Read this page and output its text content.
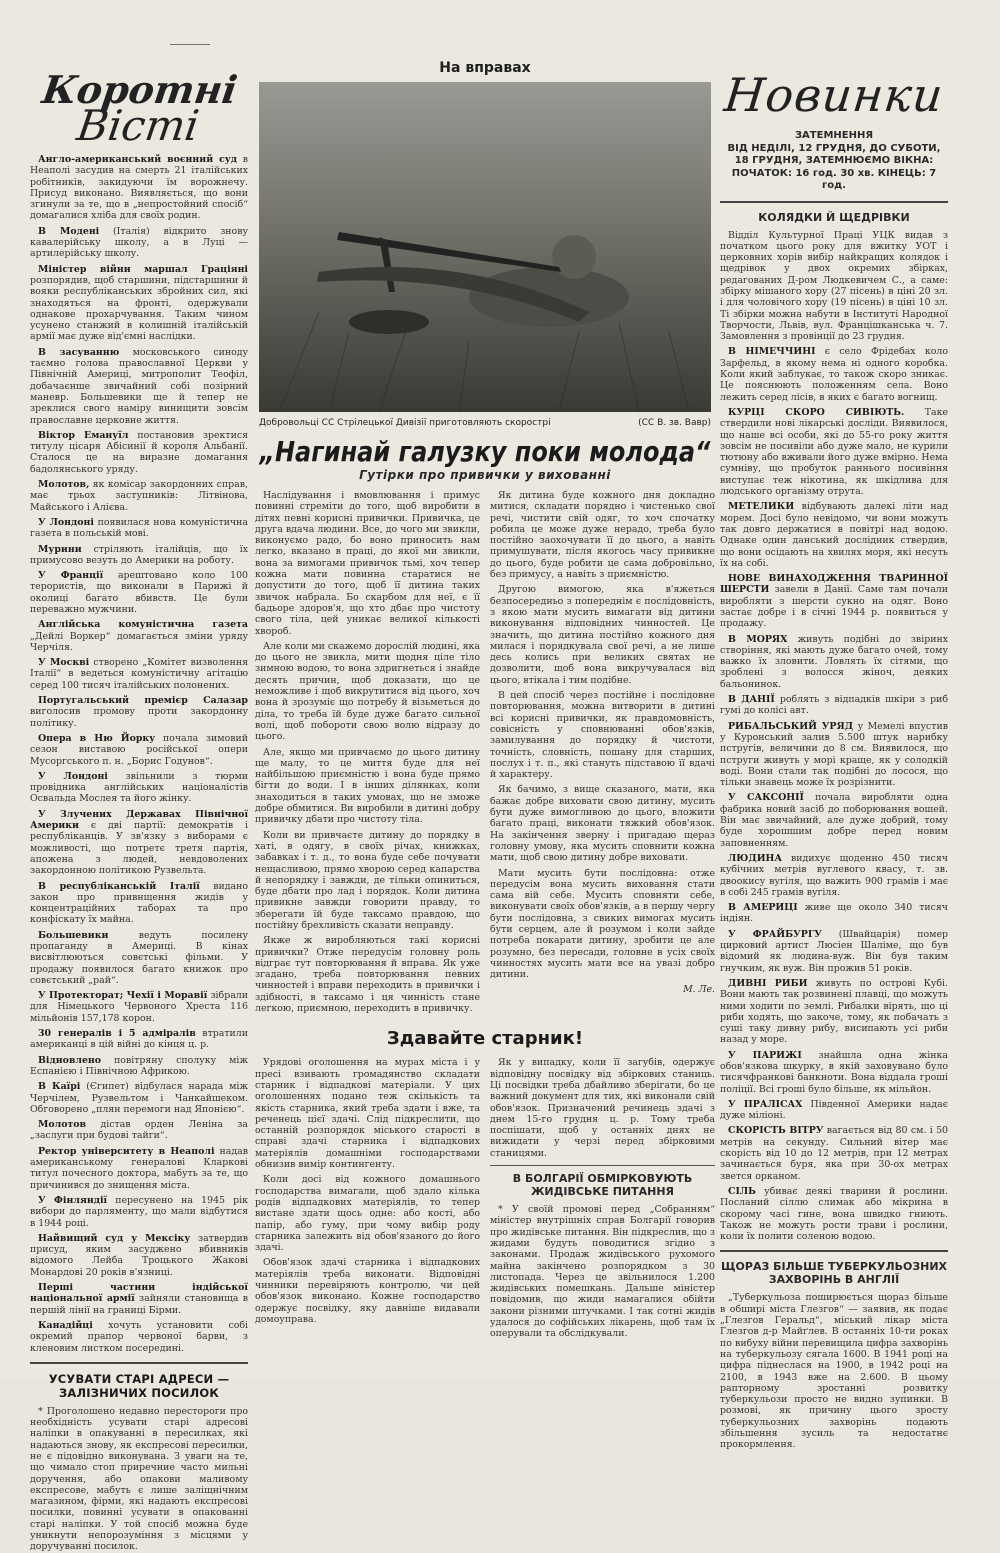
Коротні
Вісті
Англо-американський воєнний суд в Неаполі засудив на смерть 21 італійських робітників, закидуючи їм ворожнечу. Присуд виконано. Виявляється, що вони згинули за те, що в „непростойний спосіб“ домагалися хліба для своїх родин.
В Модені (Італія) відкрито знову кавалерійську школу, а в Луці — артилерійську школу.
Міністер війни маршал Граціяні розпорядив, щоб старшини, підстаршини й вояки республіканських збройних сил, які знаходяться на фронті, одержували однакове прохарчування. Таким чином усунено станжий в колишній італійській армії має дуже від'ємні наслідки.
В засуванню московського синоду таємно голова православної Церкви у Північній Америці, митрополит Теофіл, добачаєнше звичайний собі позірний маневр. Большевики ще й тепер не зреклися свого наміру винищити зовсім православне церковне життя.
Віктор Емануїл постановив зректися титулу цісаря Абісинії й короля Альбанії. Сталося це на виразне домагання бадолянського уряду.
Молотов, як комісар закордонних справ, має трьох заступників: Літвінова, Майського і Алієва.
У Лондоні появилася нова комуністична газета в польській мові.
Мурини стріляють італійців, що їх примусово везуть до Америки на роботу.
У Франції арештовано коло 100 терористів, що виконали в Парижі й околиці багато вбивств. Це були переважно мужчини.
Англійська комуністична газета „Дейлі Воркер“ домагається зміни уряду Черчіля.
У Москві створено „Комітет визволення Італії“ в ведеться комуністичну агітацію серед 100 тисяч італійських полонених.
Португальський премієр Салазар виголосив промову проти закордонну політику.
Опера в Ню Йорку почала зимовий сезон виставою російської опери Мусоргського п. н. „Борис Годунов“.
У Лондоні звільнили з тюрми провідника англійських націоналістів Освальда Мослея та його жінку.
У Злучених Державах Північної Америки є дві партії: демократів і республіканців. У зв'язку з виборами є можливості, що потретє третя партія, апожена з людей, невдоволених закордонною політикою Рузвельта.
В республіканській Італії видано закон про привнщення жидів у концентраційних таборах та про конфіскату їх майна.
Большевики	ведуть посилену пропаганду в Америці. В кінах висвітлюються совєтські фільми. У продажу появилося багато книжок про совєтський „рай“.
У Протекторат; Чехії і Моравії зібрали для Німецького Червоного Хреста 116 мільйонів 157,178 корон.
30 генералів і 5 адміралів втратили американці в цій війні до кінця ц. р.
Відновлено повітряну сполуку між Еспанією і Північною Африкою.
В Каїрі (Єгипет) відбулася нарада між Черчілем, Рузвельтом і Чанкайшеком. Обговорено „плян перемоги над Японією“.
Молотов дістав орден Леніна за „заслуги при будові тайги“.
Ректор університету в Неаполі надав американському генералові Кларкові титул почесного доктора, мабуть за те, що причинився до знищення міста.
У Фінляндії пересунено на 1945 рік вибори до парляменту, що мали відбутися в 1944 році.
Найвищий суд у Мексіку затвердив присуд, яким засуджено вбивників відомого Лейба Троцького Жакові Монардові 20 років в'язниці.
Перші частини індійської національної армії зайняли становища в першій лінії на границі Бірми.
Канадійці хочуть установити собі окремий прапор червоної барви, з кленовим листком посередині.
УСУВАТИ СТАРІ АДРЕСИ — ЗАЛІЗНИЧИХ ПОСИЛОК
* Проголошено недавно перестороги про необхідність усувати старі адресові наліпки в опакуванні в пересилках, які надаються знову, як експресові пересилки, не є підовідно виконувана. З уваги на те, що чимало стоп приречние часто мильні доручення, або опакови маливому експресове, мабуть є лише заліщнічним магазином, фірми, які надають експресові посилки, повинні усувати в опакованні старі наліпки. У той спосіб можна буде уникнути непорозуміння з місцями у доручуванні посилок.
На вправах
Добровольці СС Стрілецької Дивізії приготовляють скорострі	(СС В. зв. Вавр)
„Нагинай галузку поки молода“
Гутірки про привички у вихованні
Наслідування і вмовлювання і примус повинні стреміти до того, щоб виробити в дітях певні корисні привички. Привичка, це друга вдача людини. Все, до чого ми звикли, виконуємо радо, бо воно приносить нам легко, вказано в праці, до якої ми звикли, вона за вимогами привичок тьмі, хоч тепер кожна мати повинна старатися не допустити до того, щоб її дитина таких звичок набрала. Бо скарбом для неї, є її бадьоре здоров'я, що хто дбає про чистоту свого тіла, цей уникає великої кількості хвороб.
Але коли ми скажемо дорослій людині, яка до цього не звикла, мити щодня ціле тіло зимною водою, то вона здригнеться і знайде десять причин, щоб доказати, що це неможливе і щоб викрутитися від цього, хоч вона й зрозуміє що потребу й візьметься до діла, то треба їй буде дуже багато сильної волі, щоб побороти свою волю відразу до цього.
Але, якщо ми привчаємо до цього дитину ще малу, то це миття буде для неї найбільшою приємністю і вона буде прямо бігти до води. І в інших ділянках, коли знаходиться в таких умовах, що не зможе добре обмитися. Ви виробили в дитині добру привичку дбати про чистоту тіла.
Коли ви привчаєте дитину до порядку в хаті, в одягу, в своїх річах, книжках, забавках і т. д., то вона буде себе почувати нещасливою, прямо хворою серед капарства й непорядку і завжди, де тільки опиниться, буде дбати про лад і порядок. Коли дитина привикне завжди говорити правду, то зберегати їй буде таксамо правдою, що постійну брехливість сказати неправду.
Якже ж виробляються такі корисні привички? Отже передусім головну роль відграє тут повторювання й вправа. Як уже згадано, треба повторювання певних чинностей і вправи переходить в привички і здібності, в таксамо і ця чинність стане легкою, приємною, переходить в привичку.
Як дитина буде кожного дня докладно митися, складати порядно і чистенько свої речі, чистити свій одяг, то хоч спочатку робила це може дуже нерадо, треба було постійно заохочувати її до цього, а навіть примушувати, після якогось часу привикне до цього, буде робити це сама добровільно, без примусу, а навіть з приємністю.
Другою вимогою, яка в'яжеться безпосередньо з попереднім є послідовність, з якою мати мусить вимагати від дитини виконування відповідних чинностей. Це значить, що дитина постійно кожного дня милася і порядкувала свої речі, а не лише десь колись при великих святах не дозволити, щоб вона викручувалася від цього, втікала і тим подібне.
В цей спосіб через постійне і послідовне повторювання, можна витворити в дитині всі корисні привички, як правдомовність, совісність у сповнюванні обов'язків, замилування до порядку й чистоти, точність, словність, пошану для старших, послух і т. п., які стануть підставою її вдачі й характеру.
Як бачимо, з вище сказаного, мати, яка бажає добре виховати свою дитину, мусить бути дуже вимогливою до цього, вложити багато праці, виконати тяжкий обов'язок. На закінчення зверну і пригадаю щераз головну умову, яка мусить сповнити кожна мати, щоб свою дитину добре виховати.
Мати мусить бути послідовна: отже передусім вона мусить виховання стати сама вій себе. Мусить сповняти себе, виконувати своїх обов'язків, а в першу чергу бути послідовна, з свиких вимогах мусить бути серцем, але й розумом і коли зайде потреба покарати дитину, зробити це але розумно, без пересади, головне в усіх своїх чинностях мусить мати все на увазі добро дитини.
М. Ле.
Здавайте старник!
Урядові оголошення на мурах міста і у пресі взивають громадянство складати старник і відпадкові матеріали. У цих оголошеннях подано теж скількість та якість старника, який треба здати і вже, та реченець цієї здачі. Слід підкреслити, що останній розпорядок міського старості в справі здачі старника і відпадкових матеріялів домашніми господарствами обнизив вимір контингенту.
Коли досі від кожного домашнього господарства вимагали, щоб здало кілька родів відпадкових матеріялів, то тепер вистане здати щось одне: або кості, або папір, або гуму, при чому вибір роду старника залежить від обов'язаного до його здачі.
Обов'язок здачі старника і відпадкових матеріялів треба виконати. Відповідні чинники перевіряють контролю, чи цей обов'язок виконано. Кожне господарство одержує посвідку, яку давніше видавали домоуправа.
Як у випадку, коли її загубів, одержує відповідну посвідку від збіркових станиць. Ці посвідки треба дбайливо зберігати, бо це важний документ для тих, які виконали свій обов'язок. Призначений речинець здачі з днем 15-го грудня ц. р. Тому треба поспішати, щоб у останніх днях не вижидати у черзі перед збірковими станицями.
В БОЛГАРІЇ ОБМІРКОВУЮТЬ ЖИДІВСЬКЕ ПИТАННЯ
* У своїй промові перед „Собранням“ міністер внутрішніх справ Болгарії говорив про жидівське питання. Він підкреслив, що з жидами будуть поводитися згідно з законами. Продаж жидівського рухомого майна закінчено розпорядком з 30 листопада. Через це звільнилося 1.200 жидівських помешкань. Дальше міністер повідомив, що жиди намагалися обійти закони різними штучками. І так сотні жидів удалося до софійських лікарень, щоб там їх оперували та обслідкували.
Новинки
ЗАТЕМНЕННЯ
ВІД НЕДІЛІ, 12 ГРУДНЯ, ДО СУБОТИ, 18 ГРУДНЯ, ЗАТЕМНЮЄМО ВІКНА:
ПОЧАТОК: 16 год. 30 хв. КІНЕЦЬ: 7 год.
КОЛЯДКИ Й ЩЕДРІВКИ
Відділ Культурної Праці УЦК видав з початком цього року для вжитку УОТ і церковних хорів вибір найкращих колядок і щедрівок у двох окремих збірках, редагованих Д-ром Людкевичем С., а саме: збірку мішаного хору (27 пісень) в ціні 20 зл. і для чоловічого хору (19 пісень) в ціні 10 зл. Ті збірки можна набути в Інституті Народної Творчости, Львів, вул. Францішканська ч. 7. Замовлення з провінції до 23 грудня.
В НІМЕЧЧИНІ є село Фрідебах коло Зарфельд, в якому нема ні одного коробка. Коли який заблукає, то також скоро зникає. Це пояснюють положенням села. Воно лежить серед лісів, в яких є багато вогнищ.
КУРЦІ СКОРО СИВІЮТЬ. Таке ствердили нові лікарські досліди. Виявилося, що наше всі особи, які до 55-го року життя зовсім не посивіли або дуже мало, не курили тютюну або вживали його дуже вмірно. Нема сумніву, що пробуток раннього посивіння виступає теж нікотина, як шкідлива для людського організму отрута.
МЕТЕЛИКИ відбувають далекі літи над морем. Досі було невідомо, чи вони можуть так довго держатися в повітрі над водою. Однаке один данський дослідник ствердив, що вони осідають на хвилях моря, які несуть їх на собі.
НОВЕ ВИНАХОДЖЕННЯ ТВАРИННОЇ ШЕРСТИ завели в Данії. Саме там почали виробляти з шерсти сукно на одяг. Воно застає добре і в січні 1944 р. появиться у продажу.
В МОРЯХ живуть подібні до звіринх створіння, які мають дуже багато очей, тому важко їх зловити. Ловлять їх сітями, що зроблені з волосся жіноч, деяких бальонинок.
В ДАНІЇ роблять з відпадків шкіри з риб гумі до колісі авт.
РИБАЛЬСЬКИЙ УРЯД у Мемелі впустив у Куронський залив 5.500 штук нарибку пстругів, величини до 8 см. Виявилося, що пструги живуть у морі краще, як у солодкій воді. Вони стали так подібні до лосося, що тільки знавець може їх розрізнити.
У САКСОНІЇ почала виробляти одна фабрика новий засіб до поборювання вошей. Він має звичайний, але дуже добрий, тому буде хорошшим добре перед новим заповненням.
ЛЮДИНА видихує щоденно 450 тисяч кубічних метрів вуглевого квасу, т. зв. двоокису вугіля, що важить 900 грамів і має в собі 245 грамів вугіля.
В АМЕРИЦІ живе ще около 340 тисяч індіян.
У ФРАЙБУРГУ (Швайцарія) помер цирковий артист Люсіен Шаліме, що був відомий як людина-вуж. Він був таким гнучким, як вуж. Він прожив 51 років.
ДИВНІ РИБИ живуть по острові Кубі. Вони мають так розвинені плавці, що можуть ними ходити по землі. Рибалки вірять, що ці риби ходять, що закоче, тому, як побачать з суші таку дивну рибу, висипають усі риби назад у море.
У ПАРИЖІ знайшла одна жінка обов'язкова шкурку, в якій заховувано було тисячфранкові банкноти. Вона віддала гроші поліції. Всі гроші було більше, як мільйон.
У ПРАЛІСАХ Південної Америки надає дуже міліоні.
СКОРІСТЬ ВІТРУ вагається від 80 см. і 50 метрів на секунду. Сильний вітер має скорість від 10 до 12 метрів, при 12 метрах зачинається буря, яка при 30-ох метрах звется орканом.
СІЛЬ убиває деякі тварини й рослини. Посланий сіллю слимак або мікрина в скорому часі гине, вона швидко гниють. Також не можуть рости трави і рослини, коли їх полити соленою водою.
ЩОРАЗ БІЛЬШЕ ТУБЕРКУЛЬОЗНИХ ЗАХВОРІНЬ В АНГЛІЇ
„Туберкульоза поширюється щораз більше в обширі міста Глезгов“ — заявив, як подає „Глезгов Геральд“, міський лікар міста Глезгов д-р Майґлев. В останніх 10-ти роках по вибуху війни перевищила цифра захворінь на туберкульозу сягала 1600. В 1941 році на цифра піднеслася на 1900, в 1942 році на 2100, в 1943 вже на 2.600. В цьому рапторному зростанні розвитку туберкульози просто не видно зупинки. В розмові, як причину цього зросту туберкульозних захворінь подають збільшення зусиль та недостатнє прокормлення.
